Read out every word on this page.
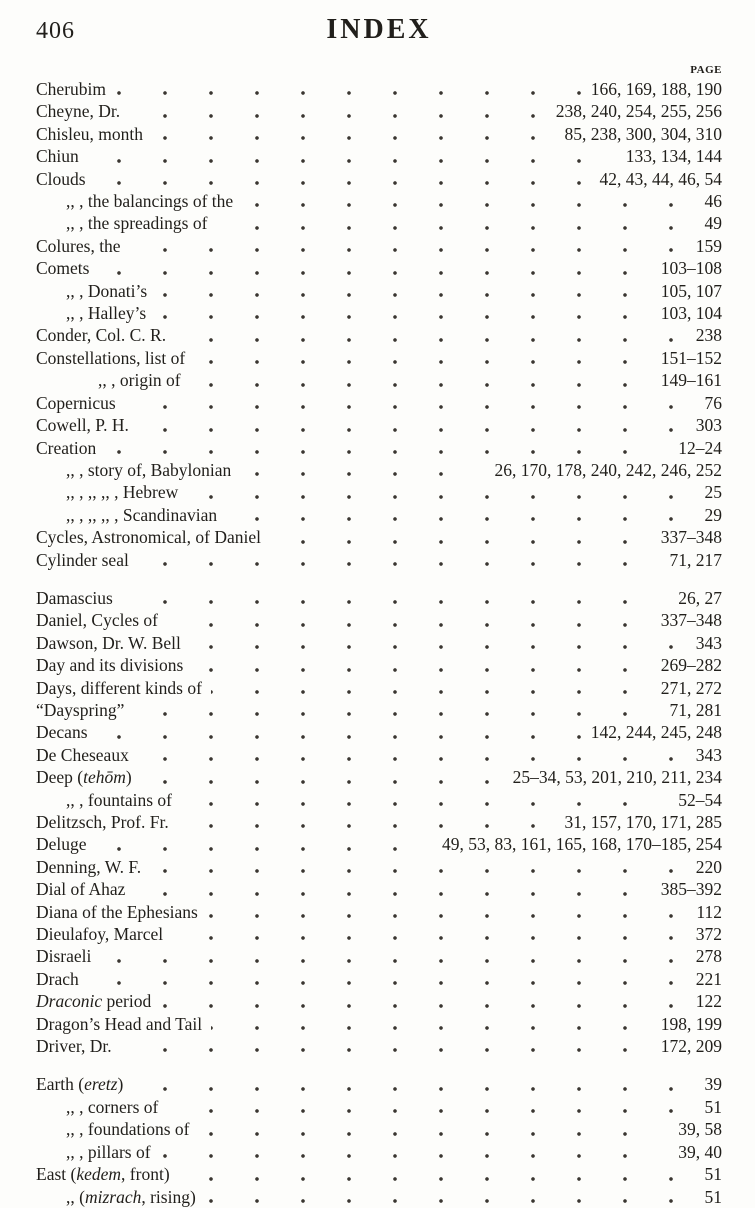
406	INDEX
PAGE
Cherubim	166, 169, 188, 190
Cheyne, Dr.	238, 240, 254, 255, 256
Chisleu, month	85, 238, 300, 304, 310
Chiun	133, 134, 144
Clouds	42, 43, 44, 46, 54
,, , the balancings of the	46
,, , the spreadings of	49
Colures, the	159
Comets	103–108
,, , Donati’s	105, 107
,, , Halley’s	103, 104
Conder, Col. C. R.	238
Constellations, list of	151–152
,, , origin of	149–161
Copernicus	76
Cowell, P. H.	303
Creation	12–24
,, , story of, Babylonian	26, 170, 178, 240, 242, 246, 252
,, , ,, ,, , Hebrew	25
,, , ,, ,, , Scandinavian	29
Cycles, Astronomical, of Daniel	337–348
Cylinder seal	71, 217
Damascius	26, 27
Daniel, Cycles of	337–348
Dawson, Dr. W. Bell	343
Day and its divisions	269–282
Days, different kinds of	271, 272
“Dayspring”	71, 281
Decans	142, 244, 245, 248
De Cheseaux	343
Deep (tehōm)	25–34, 53, 201, 210, 211, 234
,, , fountains of	52–54
Delitzsch, Prof. Fr.	31, 157, 170, 171, 285
Deluge	49, 53, 83, 161, 165, 168, 170–185, 254
Denning, W. F.	220
Dial of Ahaz	385–392
Diana of the Ephesians	112
Dieulafoy, Marcel	372
Disraeli	278
Drach	221
Draconic period	122
Dragon’s Head and Tail	198, 199
Driver, Dr.	172, 209
Earth (eretz)	39
,, , corners of	51
,, , foundations of	39, 58
,, , pillars of	39, 40
East (kedem, front)	51
,, (mizrach, rising)	51
